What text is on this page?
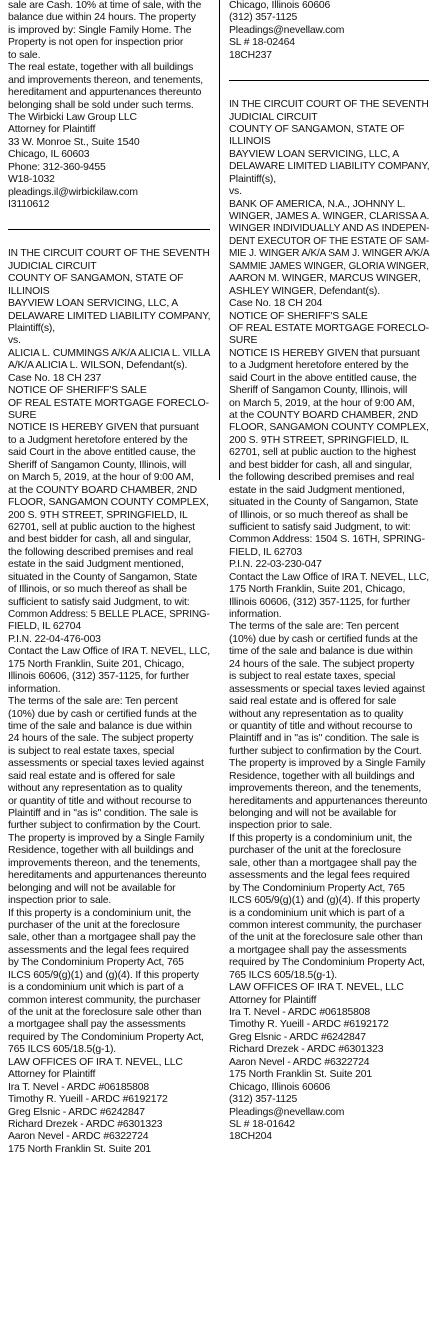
sale are Cash. 10% at time of sale, with the
balance due within 24 hours. The property
is improved by: Single Family Home. The
Property is not open for inspection prior
to sale.
The real estate, together with all buildings
and improvements thereon, and tenements,
hereditament and appurtenances thereunto
belonging shall be sold under such terms.
The Wirbicki Law Group LLC
Attorney for Plaintiff
33 W. Monroe St., Suite 1540
Chicago, IL 60603
Phone: 312-360-9455
W18-1032
pleadings.il@wirbickilaw.com
I3110612
IN THE CIRCUIT COURT OF THE SEVENTH
JUDICIAL CIRCUIT
COUNTY OF SANGAMON, STATE OF
ILLINOIS
BAYVIEW LOAN SERVICING, LLC, A
DELAWARE LIMITED LIABILITY COMPANY,
Plaintiff(s),
vs.
ALICIA L. CUMMINGS A/K/A ALICIA L. VILLA
A/K/A ALICIA L. WILSON, Defendant(s).
Case No. 18 CH 237
NOTICE OF SHERIFF'S SALE
OF REAL ESTATE MORTGAGE FORECLO-
SURE
NOTICE IS HEREBY GIVEN that pursuant
to a Judgment heretofore entered by the
said Court in the above entitled cause, the
Sheriff of Sangamon County, Illinois, will
on March 5, 2019, at the hour of 9:00 AM,
at the COUNTY BOARD CHAMBER, 2ND
FLOOR, SANGAMON COUNTY COMPLEX,
200 S. 9TH STREET, SPRINGFIELD, IL
62701, sell at public auction to the highest
and best bidder for cash, all and singular,
the following described premises and real
estate in the said Judgment mentioned,
situated in the County of Sangamon, State
of Illinois, or so much thereof as shall be
sufficient to satisfy said Judgment, to wit:
Common Address: 5 BELLE PLACE, SPRING-
FIELD, IL 62704
P.I.N. 22-04-476-003
Contact the Law Office of IRA T. NEVEL, LLC,
175 North Franklin, Suite 201, Chicago,
Illinois 60606, (312) 357-1125, for further
information.
The terms of the sale are: Ten percent
(10%) due by cash or certified funds at the
time of the sale and balance is due within
24 hours of the sale. The subject property
is subject to real estate taxes, special
assessments or special taxes levied against
said real estate and is offered for sale
without any representation as to quality
or quantity of title and without recourse to
Plaintiff and in "as is" condition. The sale is
further subject to confirmation by the Court.
The property is improved by a Single Family
Residence, together with all buildings and
improvements thereon, and the tenements,
hereditaments and appurtenances thereunto
belonging and will not be available for
inspection prior to sale.
If this property is a condominium unit, the
purchaser of the unit at the foreclosure
sale, other than a mortgagee shall pay the
assessments and the legal fees required
by The Condominium Property Act, 765
ILCS 605/9(g)(1) and (g)(4). If this property
is a condominium unit which is part of a
common interest community, the purchaser
of the unit at the foreclosure sale other than
a mortgagee shall pay the assessments
required by The Condominium Property Act,
765 ILCS 605/18.5(g-1).
LAW OFFICES OF IRA T. NEVEL, LLC
Attorney for Plaintiff
Ira T. Nevel - ARDC #06185808
Timothy R. Yueill - ARDC #6192172
Greg Elsnic - ARDC #6242847
Richard Drezek - ARDC #6301323
Aaron Nevel - ARDC #6322724
175 North Franklin St. Suite 201
Chicago, Illinois 60606
(312) 357-1125
Pleadings@nevellaw.com
SL # 18-02464
18CH237
IN THE CIRCUIT COURT OF THE SEVENTH
JUDICIAL CIRCUIT
COUNTY OF SANGAMON, STATE OF
ILLINOIS
BAYVIEW LOAN SERVICING, LLC, A
DELAWARE LIMITED LIABILITY COMPANY,
Plaintiff(s),
vs.
BANK OF AMERICA, N.A., JOHNNY L.
WINGER, JAMES A. WINGER, CLARISSA A.
WINGER INDIVIDUALLY AND AS INDEPEN-
DENT EXECUTOR OF THE ESTATE OF SAM-
MIE J. WINGER A/K/A SAM J. WINGER A/K/A
SAMMIE JAMES WINGER, GLORIA WINGER,
AARON M. WINGER, MARCUS WINGER,
ASHLEY WINGER, Defendant(s).
Case No. 18 CH 204
NOTICE OF SHERIFF'S SALE
OF REAL ESTATE MORTGAGE FORECLO-
SURE
NOTICE IS HEREBY GIVEN that pursuant
to a Judgment heretofore entered by the
said Court in the above entitled cause, the
Sheriff of Sangamon County, Illinois, will
on March 5, 2019, at the hour of 9:00 AM,
at the COUNTY BOARD CHAMBER, 2ND
FLOOR, SANGAMON COUNTY COMPLEX,
200 S. 9TH STREET, SPRINGFIELD, IL
62701, sell at public auction to the highest
and best bidder for cash, all and singular,
the following described premises and real
estate in the said Judgment mentioned,
situated in the County of Sangamon, State
of Illinois, or so much thereof as shall be
sufficient to satisfy said Judgment, to wit:
Common Address: 1504 S. 16TH, SPRING-
FIELD, IL 62703
P.I.N. 22-03-230-047
Contact the Law Office of IRA T. NEVEL, LLC,
175 North Franklin, Suite 201, Chicago,
Illinois 60606, (312) 357-1125, for further
information.
The terms of the sale are: Ten percent
(10%) due by cash or certified funds at the
time of the sale and balance is due within
24 hours of the sale. The subject property
is subject to real estate taxes, special
assessments or special taxes levied against
said real estate and is offered for sale
without any representation as to quality
or quantity of title and without recourse to
Plaintiff and in "as is" condition. The sale is
further subject to confirmation by the Court.
The property is improved by a Single Family
Residence, together with all buildings and
improvements thereon, and the tenements,
hereditaments and appurtenances thereunto
belonging and will not be available for
inspection prior to sale.
If this property is a condominium unit, the
purchaser of the unit at the foreclosure
sale, other than a mortgagee shall pay the
assessments and the legal fees required
by The Condominium Property Act, 765
ILCS 605/9(g)(1) and (g)(4). If this property
is a condominium unit which is part of a
common interest community, the purchaser
of the unit at the foreclosure sale other than
a mortgagee shall pay the assessments
required by The Condominium Property Act,
765 ILCS 605/18.5(g-1).
LAW OFFICES OF IRA T. NEVEL, LLC
Attorney for Plaintiff
Ira T. Nevel - ARDC #06185808
Timothy R. Yueill - ARDC #6192172
Greg Elsnic - ARDC #6242847
Richard Drezek - ARDC #6301323
Aaron Nevel - ARDC #6322724
175 North Franklin St. Suite 201
Chicago, Illinois 60606
(312) 357-1125
Pleadings@nevellaw.com
SL # 18-01642
18CH204
